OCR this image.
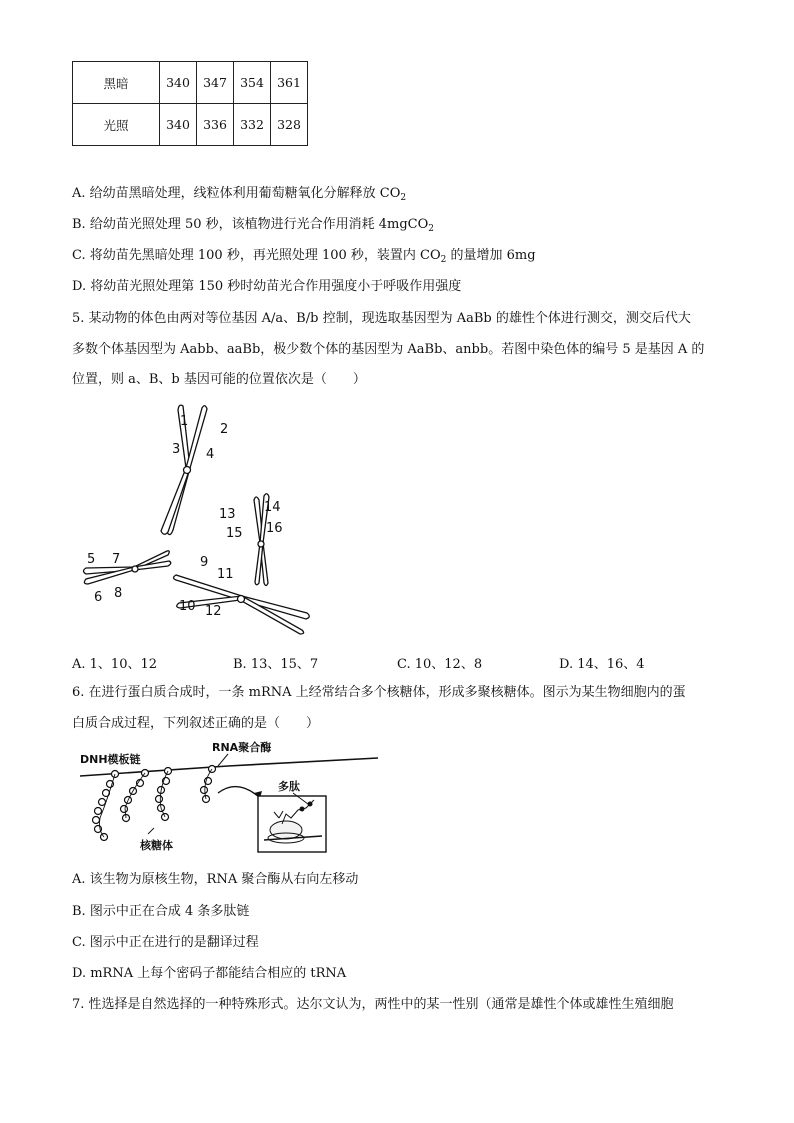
黑暗	340	347	354	361
光照	340	336	332	328
A. 给幼苗黑暗处理，线粒体利用葡萄糖氧化分解释放 $CO_2$
B. 给幼苗光照处理 50 秒，该植物进行光合作用消耗 4mgCO$_2$
C. 将幼苗先黑暗处理 100 秒，再光照处理 100 秒，装置内 $CO_2$ 的量增加 6mg
D. 将幼苗光照处理第 150 秒时幼苗光合作用强度小于呼吸作用强度
5. 某动物的体色由两对等位基因 A/a、B/b 控制，现选取基因型为 AaBb 的雄性个体进行测交，测交后代大
多数个体基因型为 Aabb、aaBb，极少数个体的基因型为 AaBb、anbb。若图中染色体的编号 5 是基因 A 的
位置，则 a、B、b 基因可能的位置依次是（　　）
1
2
3 4
5
6
7
8
9
10
11
12
13 14
15 16
A. 1、10、12	B. 13、15、7	C. 10、12、8	D. 14、16、4
6. 在进行蛋白质合成时，一条 mRNA 上经常结合多个核糖体，形成多聚核糖体。图示为某生物细胞内的蛋
白质合成过程，下列叙述正确的是（　　）
DNH模板链
RNA聚合酶
多肽
核糖体
A. 该生物为原核生物，RNA 聚合酶从右向左移动
B. 图示中正在合成 4 条多肽链
C. 图示中正在进行的是翻译过程
D. mRNA 上每个密码子都能结合相应的 tRNA
7. 性选择是自然选择的一种特殊形式。达尔文认为，两性中的某一性别（通常是雄性个体或雄性生殖细胞
